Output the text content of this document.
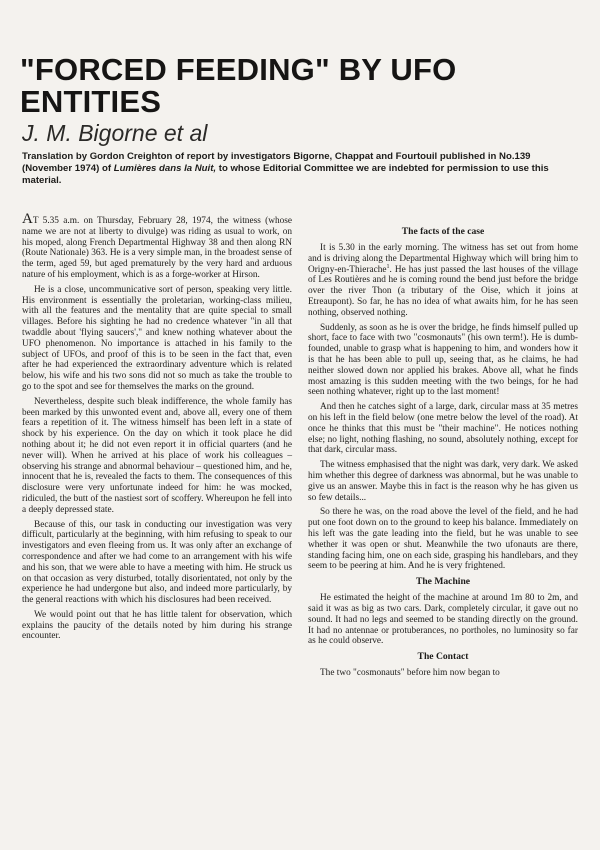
"FORCED FEEDING" BY UFO ENTITIES
J. M. Bigorne et al

Translation by Gordon Creighton of report by investigators Bigorne, Chappat and Fourtouil published in No.139 (November 1974) of Lumières dans la Nuit, to whose Editorial Committee we are indebted for permission to use this material.

AT 5.35 a.m. on Thursday, February 28, 1974, the witness (whose name we are not at liberty to divulge) was riding as usual to work, on his moped, along French Departmental Highway 38 and then along RN (Route Nationale) 363. He is a very simple man, in the broadest sense of the term, aged 59, but aged prematurely by the very hard and arduous nature of his employment, which is as a forge-worker at Hirson.

He is a close, uncommunicative sort of person, speaking very little. His environment is essentially the proletarian, working-class milieu, with all the features and the mentality that are quite special to small villages. Before his sighting he had no credence whatever "in all that twaddle about 'flying saucers'," and knew nothing whatever about the UFO phenomenon. No importance is attached in his family to the subject of UFOs, and proof of this is to be seen in the fact that, even after he had experienced the extraordinary adventure which is related below, his wife and his two sons did not so much as take the trouble to go to the spot and see for themselves the marks on the ground.

Nevertheless, despite such bleak indifference, the whole family has been marked by this unwonted event and, above all, every one of them fears a repetition of it. The witness himself has been left in a state of shock by his experience. On the day on which it took place he did nothing about it; he did not even report it in official quarters (and he never will). When he arrived at his place of work his colleagues – observing his strange and abnormal behaviour – questioned him, and he, innocent that he is, revealed the facts to them. The consequences of this disclosure were very unfortunate indeed for him: he was mocked, ridiculed, the butt of the nastiest sort of scoffery. Whereupon he fell into a deeply depressed state.

Because of this, our task in conducting our investigation was very difficult, particularly at the beginning, with him refusing to speak to our investigators and even fleeing from us. It was only after an exchange of correspondence and after we had come to an arrangement with his wife and his son, that we were able to have a meeting with him. He struck us on that occasion as very disturbed, totally disorientated, not only by the experience he had undergone but also, and indeed more particularly, by the general reactions with which his disclosures had been received.

We would point out that he has little talent for observation, which explains the paucity of the details noted by him during his strange encounter.

The facts of the case

It is 5.30 in the early morning. The witness has set out from home and is driving along the Departmental Highway which will bring him to Origny-en-Thierache$^1$. He has just passed the last houses of the village of Les Routières and he is coming round the bend just before the bridge over the river Thon (a tributary of the Oise, which it joins at Etreaupont). So far, he has no idea of what awaits him, for he has seen nothing, observed nothing.

Suddenly, as soon as he is over the bridge, he finds himself pulled up short, face to face with two "cosmonauts" (his own term!). He is dumb-founded, unable to grasp what is happening to him, and wonders how it is that he has been able to pull up, seeing that, as he claims, he had neither slowed down nor applied his brakes. Above all, what he finds most amazing is this sudden meeting with the two beings, for he had seen nothing whatever, right up to the last moment!

And then he catches sight of a large, dark, circular mass at 35 metres on his left in the field below (one metre below the level of the road). At once he thinks that this must be "their machine". He notices nothing else; no light, nothing flashing, no sound, absolutely nothing, except for that dark, circular mass.

The witness emphasised that the night was dark, very dark. We asked him whether this degree of darkness was abnormal, but he was unable to give us an answer. Maybe this in fact is the reason why he has given us so few details...

So there he was, on the road above the level of the field, and he had put one foot down on to the ground to keep his balance. Immediately on his left was the gate leading into the field, but he was unable to see whether it was open or shut. Meanwhile the two ufonauts are there, standing facing him, one on each side, grasping his handlebars, and they seem to be peering at him. And he is very frightened.

The Machine

He estimated the height of the machine at around 1m 80 to 2m, and said it was as big as two cars. Dark, completely circular, it gave out no sound. It had no legs and seemed to be standing directly on the ground. It had no antennae or protuberances, no portholes, no luminosity so far as he could observe.

The Contact

The two "cosmonauts" before him now began to
